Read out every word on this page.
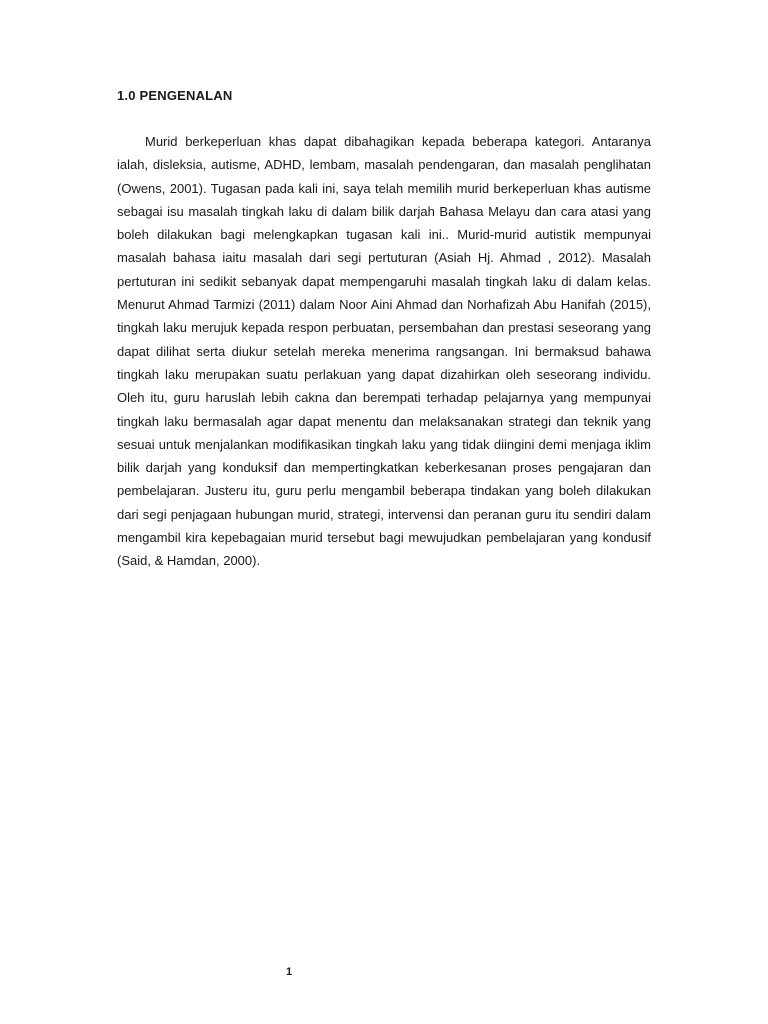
1.0 PENGENALAN

Murid berkeperluan khas dapat dibahagikan kepada beberapa kategori. Antaranya ialah, disleksia, autisme, ADHD, lembam, masalah pendengaran, dan masalah penglihatan (Owens, 2001). Tugasan pada kali ini, saya telah memilih murid berkeperluan khas autisme sebagai isu masalah tingkah laku di dalam bilik darjah Bahasa Melayu dan cara atasi yang boleh dilakukan bagi melengkapkan tugasan kali ini.. Murid-murid autistik mempunyai masalah bahasa iaitu masalah dari segi pertuturan (Asiah Hj. Ahmad , 2012). Masalah pertuturan ini sedikit sebanyak dapat mempengaruhi masalah tingkah laku di dalam kelas. Menurut Ahmad Tarmizi (2011) dalam Noor Aini Ahmad dan Norhafizah Abu Hanifah (2015), tingkah laku merujuk kepada respon perbuatan, persembahan dan prestasi seseorang yang dapat dilihat serta diukur setelah mereka menerima rangsangan. Ini bermaksud bahawa tingkah laku merupakan suatu perlakuan yang dapat dizahirkan oleh seseorang individu. Oleh itu, guru haruslah lebih cakna dan berempati terhadap pelajarnya yang mempunyai tingkah laku bermasalah agar dapat menentu dan melaksanakan strategi dan teknik yang sesuai untuk menjalankan modifikasikan tingkah laku yang tidak diingini demi menjaga iklim bilik darjah yang konduksif dan mempertingkatkan keberkesanan proses pengajaran dan pembelajaran. Justeru itu, guru perlu mengambil beberapa tindakan yang boleh dilakukan dari segi penjagaan hubungan murid, strategi, intervensi dan peranan guru itu sendiri dalam mengambil kira kepebagaian murid tersebut bagi mewujudkan pembelajaran yang kondusif (Said, & Hamdan, 2000).

1
